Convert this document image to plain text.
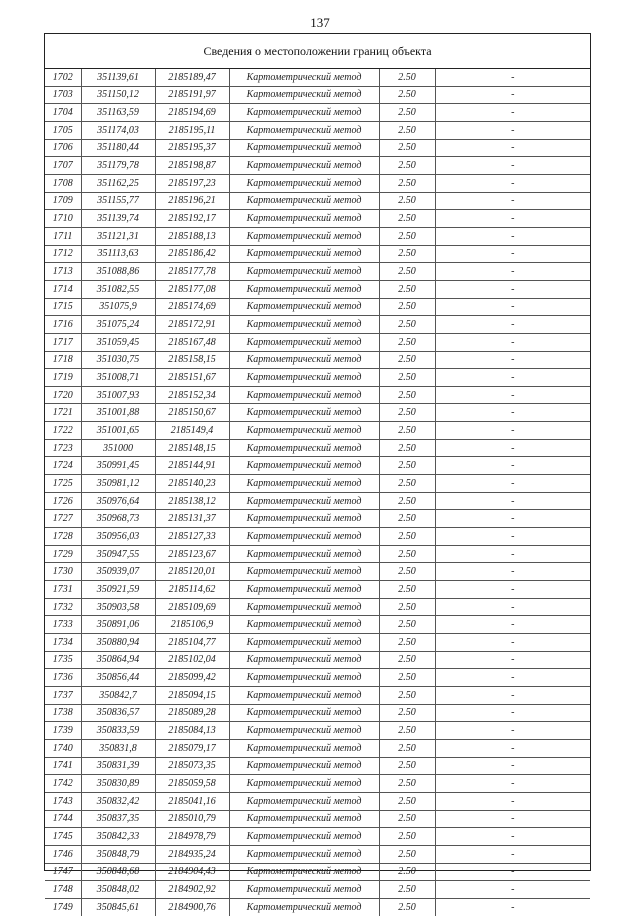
137
Сведения о местоположении границ объекта
1702	351139,61	2185189,47	Картометрический метод	2.50	-
1703	351150,12	2185191,97	Картометрический метод	2.50	-
1704	351163,59	2185194,69	Картометрический метод	2.50	-
1705	351174,03	2185195,11	Картометрический метод	2.50	-
1706	351180,44	2185195,37	Картометрический метод	2.50	-
1707	351179,78	2185198,87	Картометрический метод	2.50	-
1708	351162,25	2185197,23	Картометрический метод	2.50	-
1709	351155,77	2185196,21	Картометрический метод	2.50	-
1710	351139,74	2185192,17	Картометрический метод	2.50	-
1711	351121,31	2185188,13	Картометрический метод	2.50	-
1712	351113,63	2185186,42	Картометрический метод	2.50	-
1713	351088,86	2185177,78	Картометрический метод	2.50	-
1714	351082,55	2185177,08	Картометрический метод	2.50	-
1715	351075,9	2185174,69	Картометрический метод	2.50	-
1716	351075,24	2185172,91	Картометрический метод	2.50	-
1717	351059,45	2185167,48	Картометрический метод	2.50	-
1718	351030,75	2185158,15	Картометрический метод	2.50	-
1719	351008,71	2185151,67	Картометрический метод	2.50	-
1720	351007,93	2185152,34	Картометрический метод	2.50	-
1721	351001,88	2185150,67	Картометрический метод	2.50	-
1722	351001,65	2185149,4	Картометрический метод	2.50	-
1723	351000	2185148,15	Картометрический метод	2.50	-
1724	350991,45	2185144,91	Картометрический метод	2.50	-
1725	350981,12	2185140,23	Картометрический метод	2.50	-
1726	350976,64	2185138,12	Картометрический метод	2.50	-
1727	350968,73	2185131,37	Картометрический метод	2.50	-
1728	350956,03	2185127,33	Картометрический метод	2.50	-
1729	350947,55	2185123,67	Картометрический метод	2.50	-
1730	350939,07	2185120,01	Картометрический метод	2.50	-
1731	350921,59	2185114,62	Картометрический метод	2.50	-
1732	350903,58	2185109,69	Картометрический метод	2.50	-
1733	350891,06	2185106,9	Картометрический метод	2.50	-
1734	350880,94	2185104,77	Картометрический метод	2.50	-
1735	350864,94	2185102,04	Картометрический метод	2.50	-
1736	350856,44	2185099,42	Картометрический метод	2.50	-
1737	350842,7	2185094,15	Картометрический метод	2.50	-
1738	350836,57	2185089,28	Картометрический метод	2.50	-
1739	350833,59	2185084,13	Картометрический метод	2.50	-
1740	350831,8	2185079,17	Картометрический метод	2.50	-
1741	350831,39	2185073,35	Картометрический метод	2.50	-
1742	350830,89	2185059,58	Картометрический метод	2.50	-
1743	350832,42	2185041,16	Картометрический метод	2.50	-
1744	350837,35	2185010,79	Картометрический метод	2.50	-
1745	350842,33	2184978,79	Картометрический метод	2.50	-
1746	350848,79	2184935,24	Картометрический метод	2.50	-
1747	350848,68	2184904,43	Картометрический метод	2.50	-
1748	350848,02	2184902,92	Картометрический метод	2.50	-
1749	350845,61	2184900,76	Картометрический метод	2.50	-
